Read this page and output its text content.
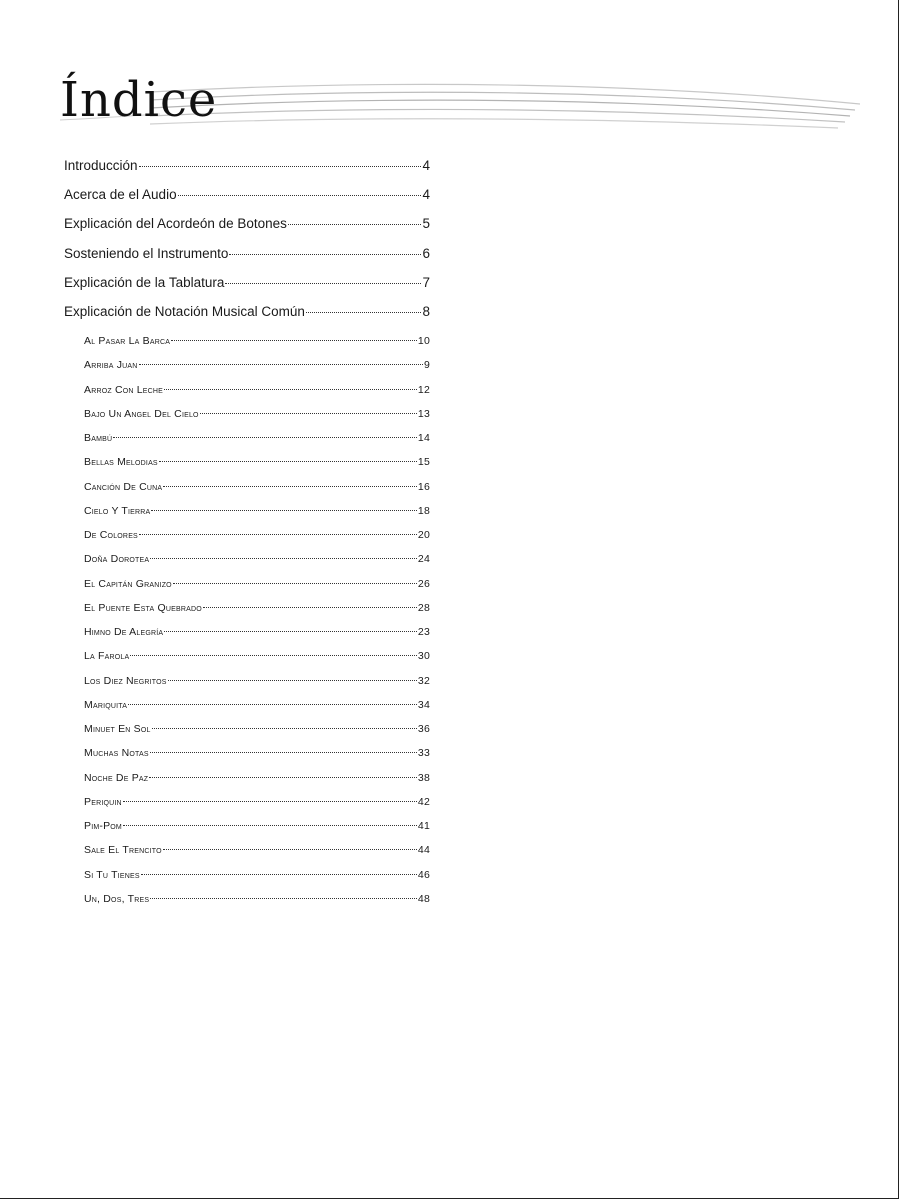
Índice
Introducción	4
Acerca de el Audio	4
Explicación del Acordeón de Botones	5
Sosteniendo el Instrumento	6
Explicación de la Tablatura	7
Explicación de Notación Musical Común	8
Al Pasar La Barca	10
Arriba Juan	9
Arroz Con Leche	12
Bajo Un Angel Del Cielo	13
Bambú	14
Bellas Melodias	15
Canción De Cuna	16
Cielo Y Tierra	18
De Colores	20
Doña Dorotea	24
El Capitán Granizo	26
El Puente Esta Quebrado	28
Himno De Alegría	23
La Farola	30
Los Diez Negritos	32
Mariquita	34
Minuet En Sol	36
Muchas Notas	33
Noche De Paz	38
Periquin	42
Pim-Pom	41
Sale El Trencito	44
Si Tu Tienes	46
Un, Dos, Tres	48
